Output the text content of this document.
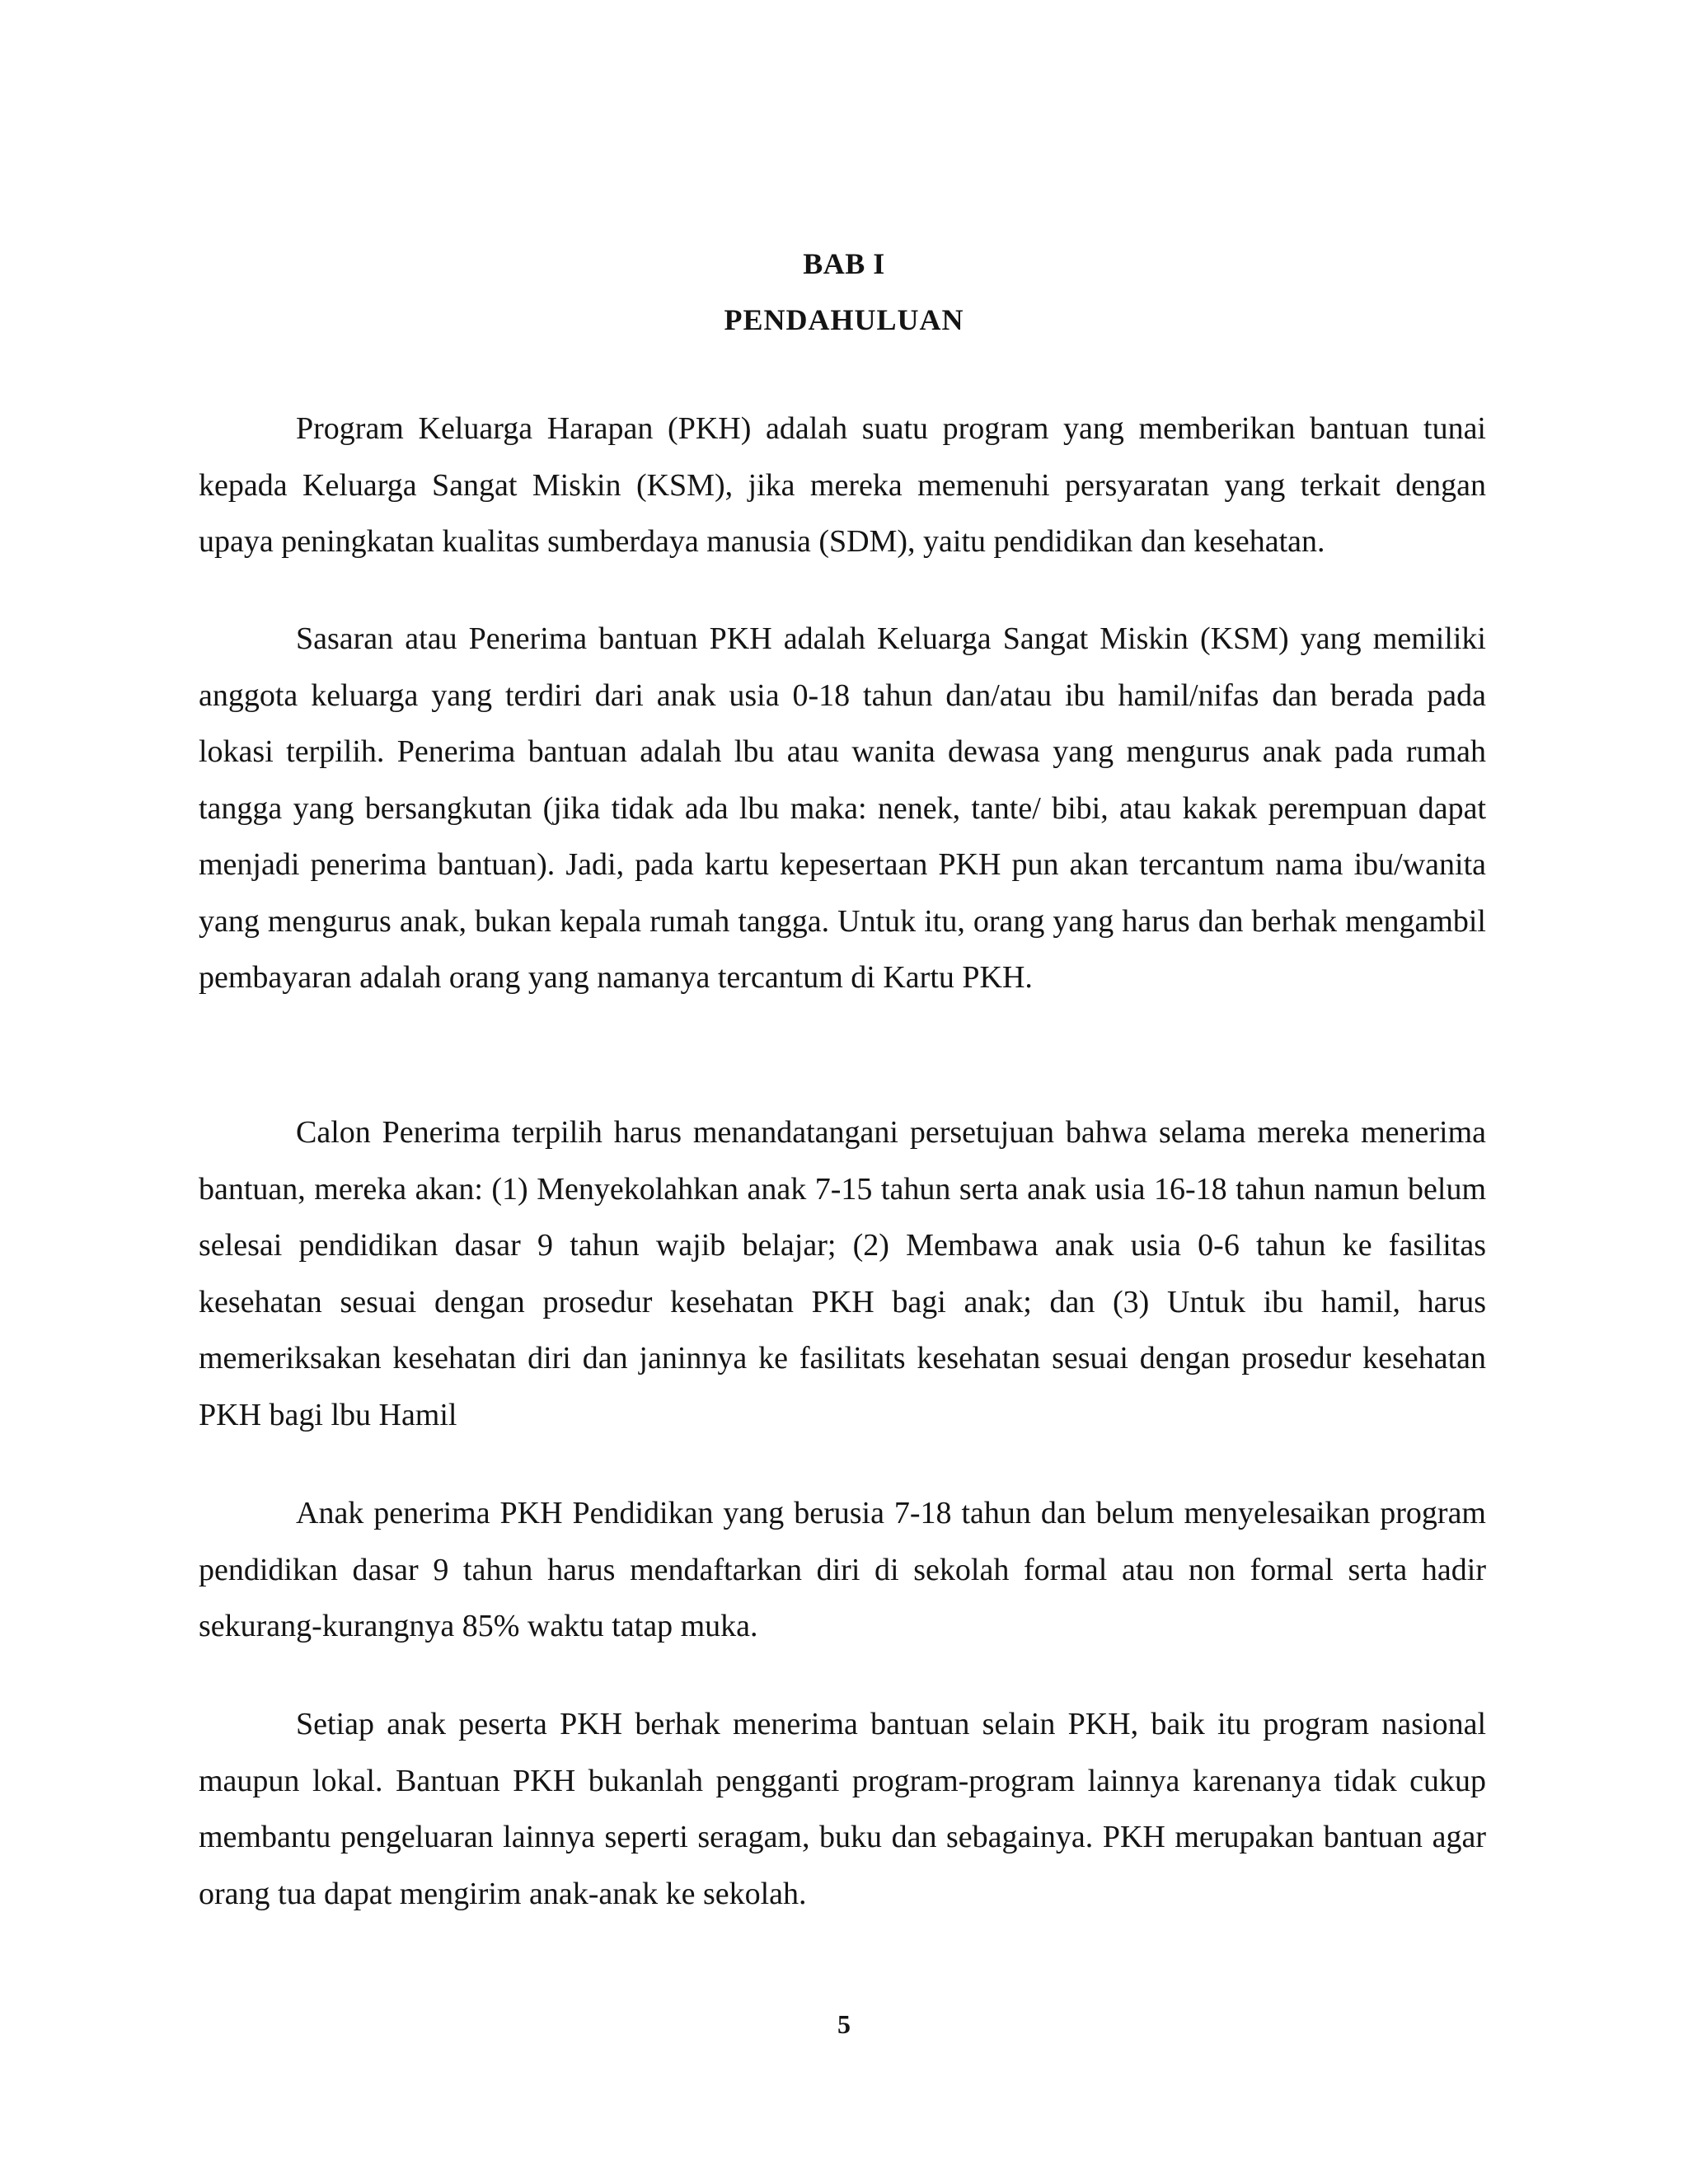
BAB I
PENDAHULUAN

Program Keluarga Harapan (PKH) adalah suatu program yang memberikan bantuan tunai kepada Keluarga Sangat Miskin (KSM), jika mereka memenuhi persyaratan yang terkait dengan upaya peningkatan kualitas sumberdaya manusia (SDM), yaitu pendidikan dan kesehatan.

Sasaran atau Penerima bantuan PKH adalah Keluarga Sangat Miskin (KSM) yang memiliki anggota keluarga yang terdiri dari anak usia 0-18 tahun dan/atau ibu hamil/nifas dan berada pada lokasi terpilih. Penerima bantuan adalah lbu atau wanita dewasa yang mengurus anak pada rumah tangga yang bersangkutan (jika tidak ada lbu maka: nenek, tante/ bibi, atau kakak perempuan dapat menjadi penerima bantuan). Jadi, pada kartu kepesertaan PKH pun akan tercantum nama ibu/wanita yang mengurus anak, bukan kepala rumah tangga. Untuk itu, orang yang harus dan berhak mengambil pembayaran adalah orang yang namanya tercantum di Kartu PKH.

Calon Penerima terpilih harus menandatangani persetujuan bahwa selama mereka menerima bantuan, mereka akan: (1) Menyekolahkan anak 7-15 tahun serta anak usia 16-18 tahun namun belum selesai pendidikan dasar 9 tahun wajib belajar; (2) Membawa anak usia 0-6 tahun ke fasilitas kesehatan sesuai dengan prosedur kesehatan PKH bagi anak; dan (3) Untuk ibu hamil, harus memeriksakan kesehatan diri dan janinnya ke fasilitats kesehatan sesuai dengan prosedur kesehatan PKH bagi lbu Hamil

Anak penerima PKH Pendidikan yang berusia 7-18 tahun dan belum menyelesaikan program pendidikan dasar 9 tahun harus mendaftarkan diri di sekolah formal atau non formal serta hadir sekurang-kurangnya 85% waktu tatap muka.

Setiap anak peserta PKH berhak menerima bantuan selain PKH, baik itu program nasional maupun lokal. Bantuan PKH bukanlah pengganti program-program lainnya karenanya tidak cukup membantu pengeluaran lainnya seperti seragam, buku dan sebagainya. PKH merupakan bantuan agar orang tua dapat mengirim anak-anak ke sekolah.

5
